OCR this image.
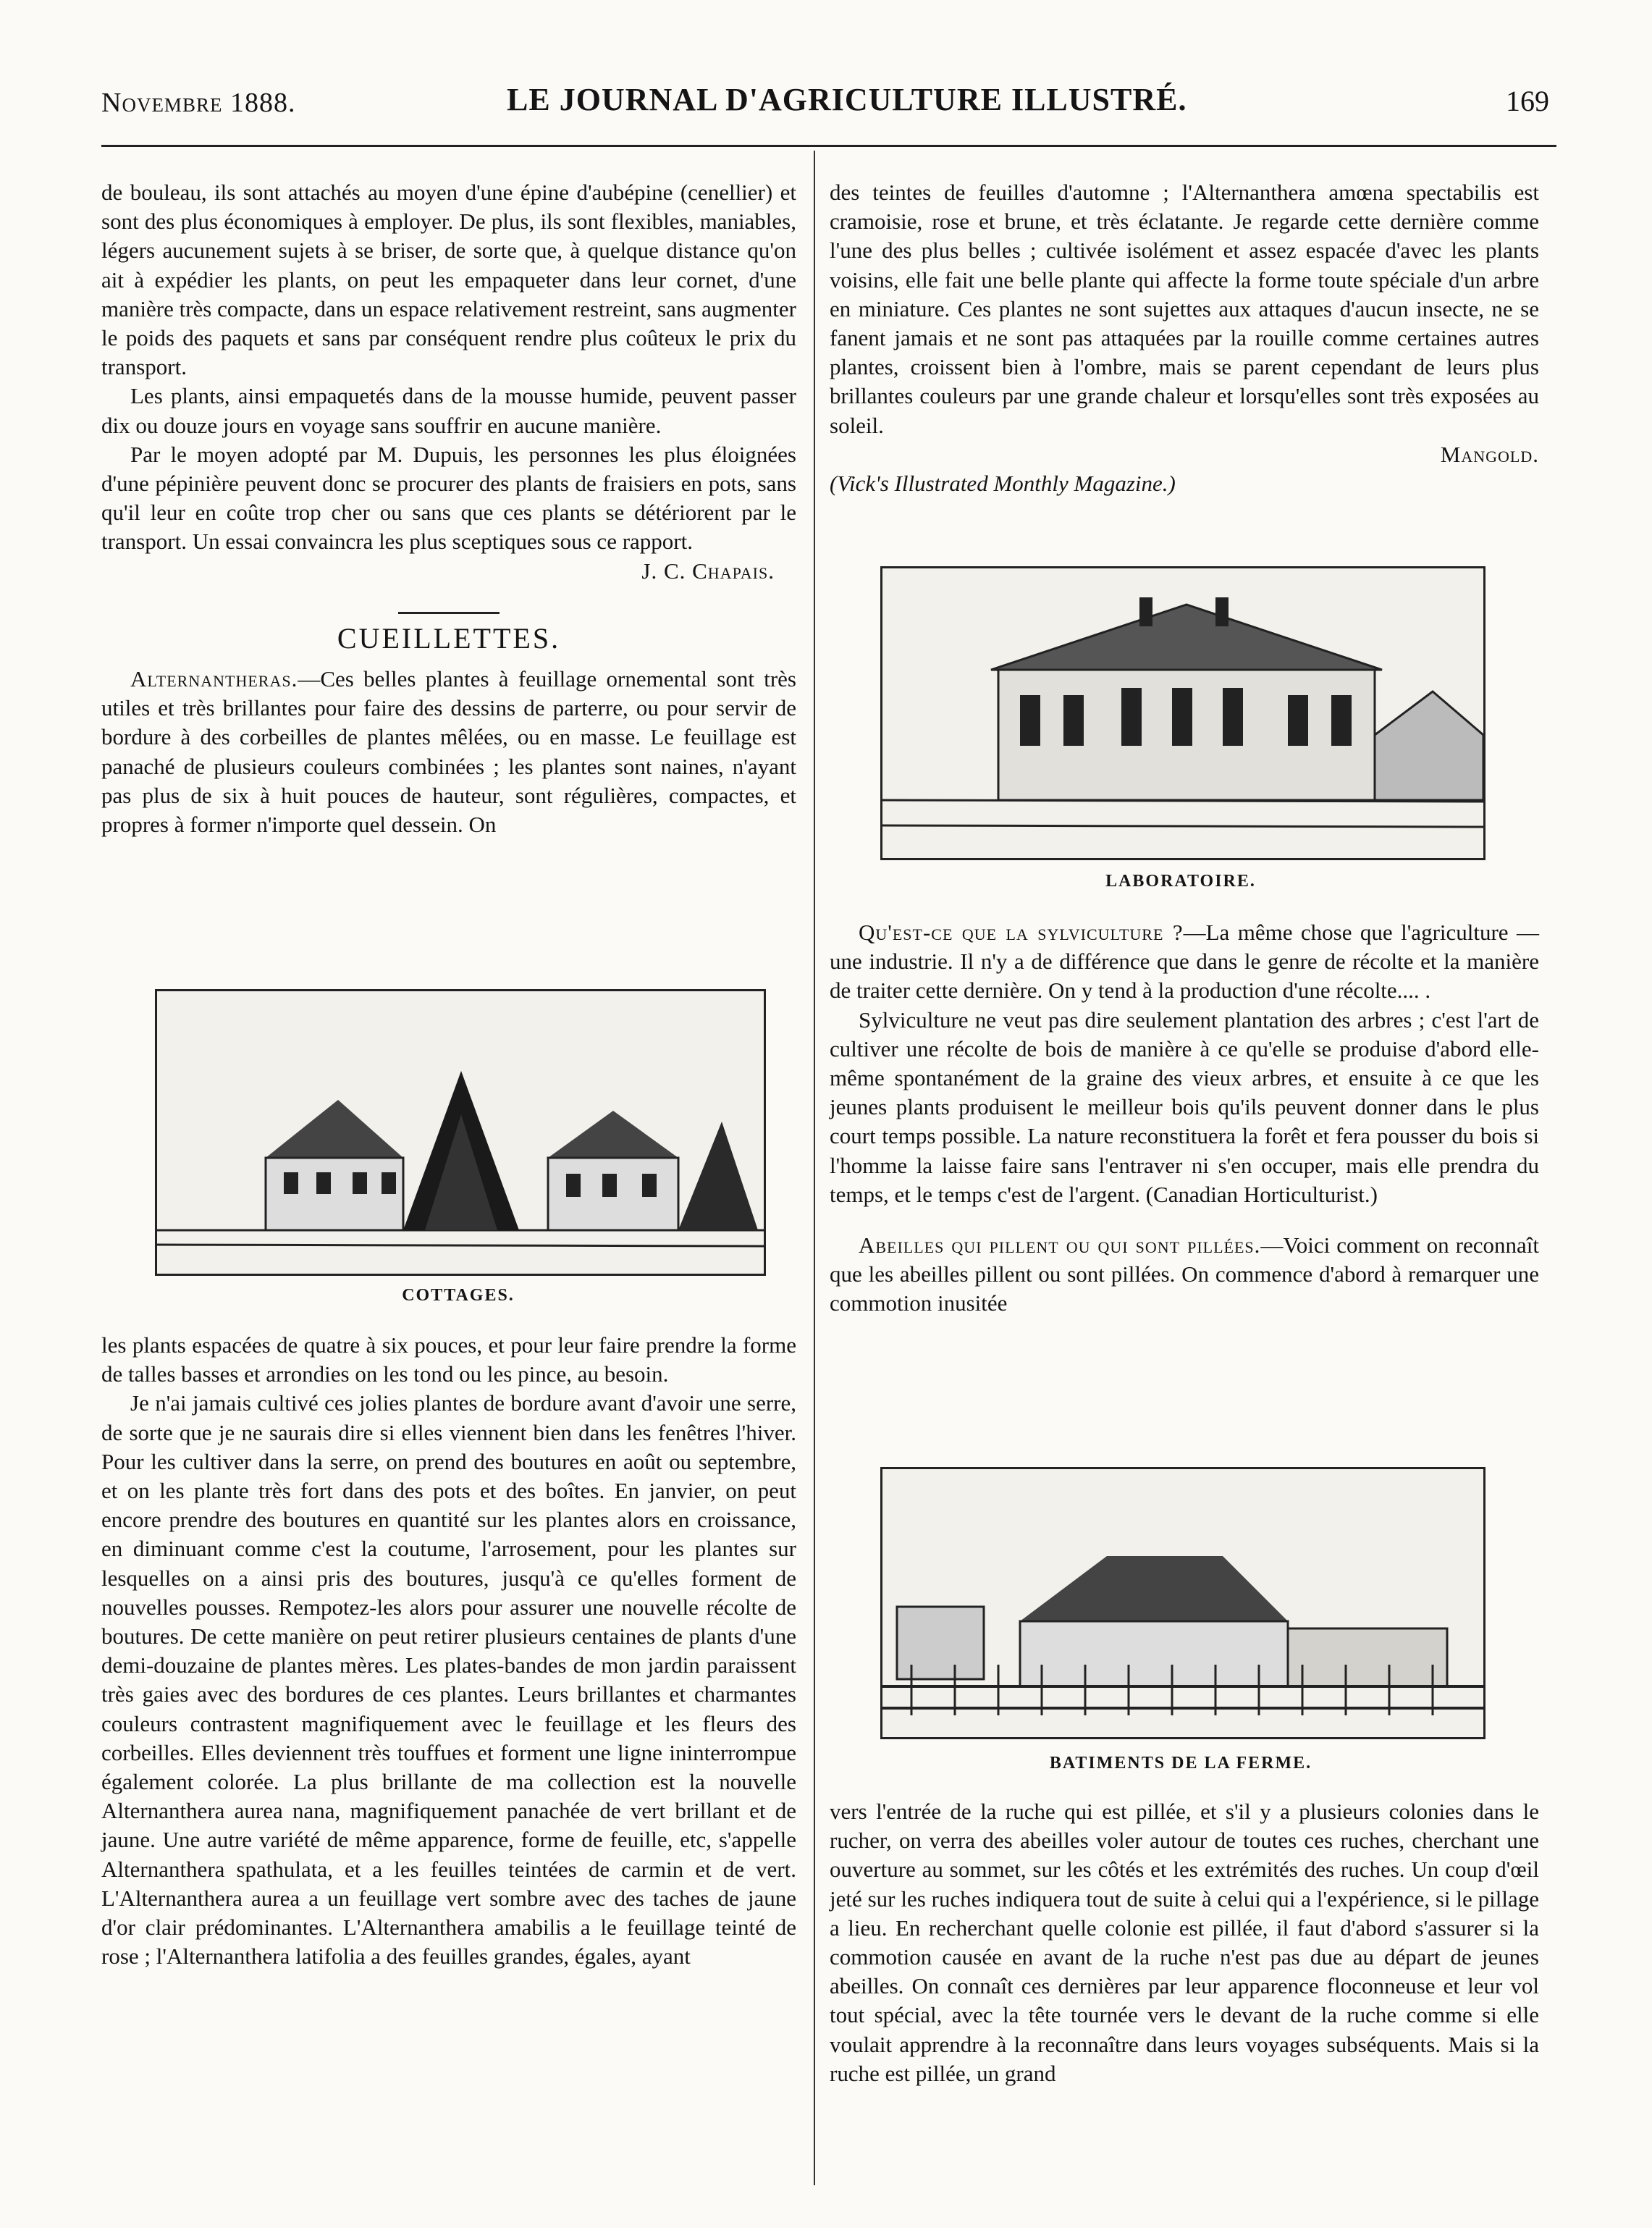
Novembre 1888.	LE JOURNAL D'AGRICULTURE ILLUSTRÉ.	169

de bouleau, ils sont attachés au moyen d'une épine d'aubépine (cenellier) et sont des plus économiques à employer. De plus, ils sont flexibles, maniables, légers aucunement sujets à se briser, de sorte que, à quelque distance qu'on ait à expédier les plants, on peut les empaqueter dans leur cornet, d'une manière très compacte, dans un espace relativement restreint, sans augmenter le poids des paquets et sans par conséquent rendre plus coûteux le prix du transport.

Les plants, ainsi empaquetés dans de la mousse humide, peuvent passer dix ou douze jours en voyage sans souffrir en aucune manière.

Par le moyen adopté par M. Dupuis, les personnes les plus éloignées d'une pépinière peuvent donc se procurer des plants de fraisiers en pots, sans qu'il leur en coûte trop cher ou sans que ces plants se détériorent par le transport. Un essai convaincra les plus sceptiques sous ce rapport.

J. C. Chapais.

CUEILLETTES.

Alternantheras.—Ces belles plantes à feuillage ornemental sont très utiles et très brillantes pour faire des dessins de parterre, ou pour servir de bordure à des corbeilles de plantes mêlées, ou en masse. Le feuillage est panaché de plusieurs couleurs combinées ; les plantes sont naines, n'ayant pas plus de six à huit pouces de hauteur, sont régulières, compactes, et propres à former n'importe quel dessein. On

COTTAGES.

les plants espacées de quatre à six pouces, et pour leur faire prendre la forme de talles basses et arrondies on les tond ou les pince, au besoin.

Je n'ai jamais cultivé ces jolies plantes de bordure avant d'avoir une serre, de sorte que je ne saurais dire si elles viennent bien dans les fenêtres l'hiver. Pour les cultiver dans la serre, on prend des boutures en août ou septembre, et on les plante très fort dans des pots et des boîtes. En janvier, on peut encore prendre des boutures en quantité sur les plantes alors en croissance, en diminuant comme c'est la coutume, l'arrosement, pour les plantes sur lesquelles on a ainsi pris des boutures, jusqu'à ce qu'elles forment de nouvelles pousses. Rempotez-les alors pour assurer une nouvelle récolte de boutures. De cette manière on peut retirer plusieurs centaines de plants d'une demi-douzaine de plantes mères. Les plates-bandes de mon jardin paraissent très gaies avec des bordures de ces plantes. Leurs brillantes et charmantes couleurs contrastent magnifiquement avec le feuillage et les fleurs des corbeilles. Elles deviennent très touffues et forment une ligne ininterrompue également colorée. La plus brillante de ma collection est la nouvelle Alternanthera aurea nana, magnifiquement panachée de vert brillant et de jaune. Une autre variété de même apparence, forme de feuille, etc, s'appelle Alternanthera spathulata, et a les feuilles teintées de carmin et de vert. L'Alternanthera aurea a un feuillage vert sombre avec des taches de jaune d'or clair prédominantes. L'Alternanthera amabilis a le feuillage teinté de rose ; l'Alternanthera latifolia a des feuilles grandes, égales, ayant

des teintes de feuilles d'automne ; l'Alternanthera amœna spectabilis est cramoisie, rose et brune, et très éclatante. Je regarde cette dernière comme l'une des plus belles ; cultivée isolément et assez espacée d'avec les plants voisins, elle fait une belle plante qui affecte la forme toute spéciale d'un arbre en miniature. Ces plantes ne sont sujettes aux attaques d'aucun insecte, ne se fanent jamais et ne sont pas attaquées par la rouille comme certaines autres plantes, croissent bien à l'ombre, mais se parent cependant de leurs plus brillantes couleurs par une grande chaleur et lorsqu'elles sont très exposées au soleil.

Mangold.

(Vick's Illustrated Monthly Magazine.)

LABORATOIRE.

Qu'est-ce que la sylviculture ?—La même chose que l'agriculture — une industrie. Il n'y a de différence que dans le genre de récolte et la manière de traiter cette dernière. On y tend à la production d'une récolte.... .

Sylviculture ne veut pas dire seulement plantation des arbres ; c'est l'art de cultiver une récolte de bois de manière à ce qu'elle se produise d'abord elle-même spontanément de la graine des vieux arbres, et ensuite à ce que les jeunes plants produisent le meilleur bois qu'ils peuvent donner dans le plus court temps possible. La nature reconstituera la forêt et fera pousser du bois si l'homme la laisse faire sans l'entraver ni s'en occuper, mais elle prendra du temps, et le temps c'est de l'argent. (Canadian Horticulturist.)

Abeilles qui pillent ou qui sont pillées.—Voici comment on reconnaît que les abeilles pillent ou sont pillées. On commence d'abord à remarquer une commotion inusitée

BATIMENTS DE LA FERME.

vers l'entrée de la ruche qui est pillée, et s'il y a plusieurs colonies dans le rucher, on verra des abeilles voler autour de toutes ces ruches, cherchant une ouverture au sommet, sur les côtés et les extrémités des ruches. Un coup d'œil jeté sur les ruches indiquera tout de suite à celui qui a l'expérience, si le pillage a lieu. En recherchant quelle colonie est pillée, il faut d'abord s'assurer si la commotion causée en avant de la ruche n'est pas due au départ de jeunes abeilles. On connaît ces dernières par leur apparence floconneuse et leur vol tout spécial, avec la tête tournée vers le devant de la ruche comme si elle voulait apprendre à la reconnaître dans leurs voyages subséquents. Mais si la ruche est pillée, un grand
